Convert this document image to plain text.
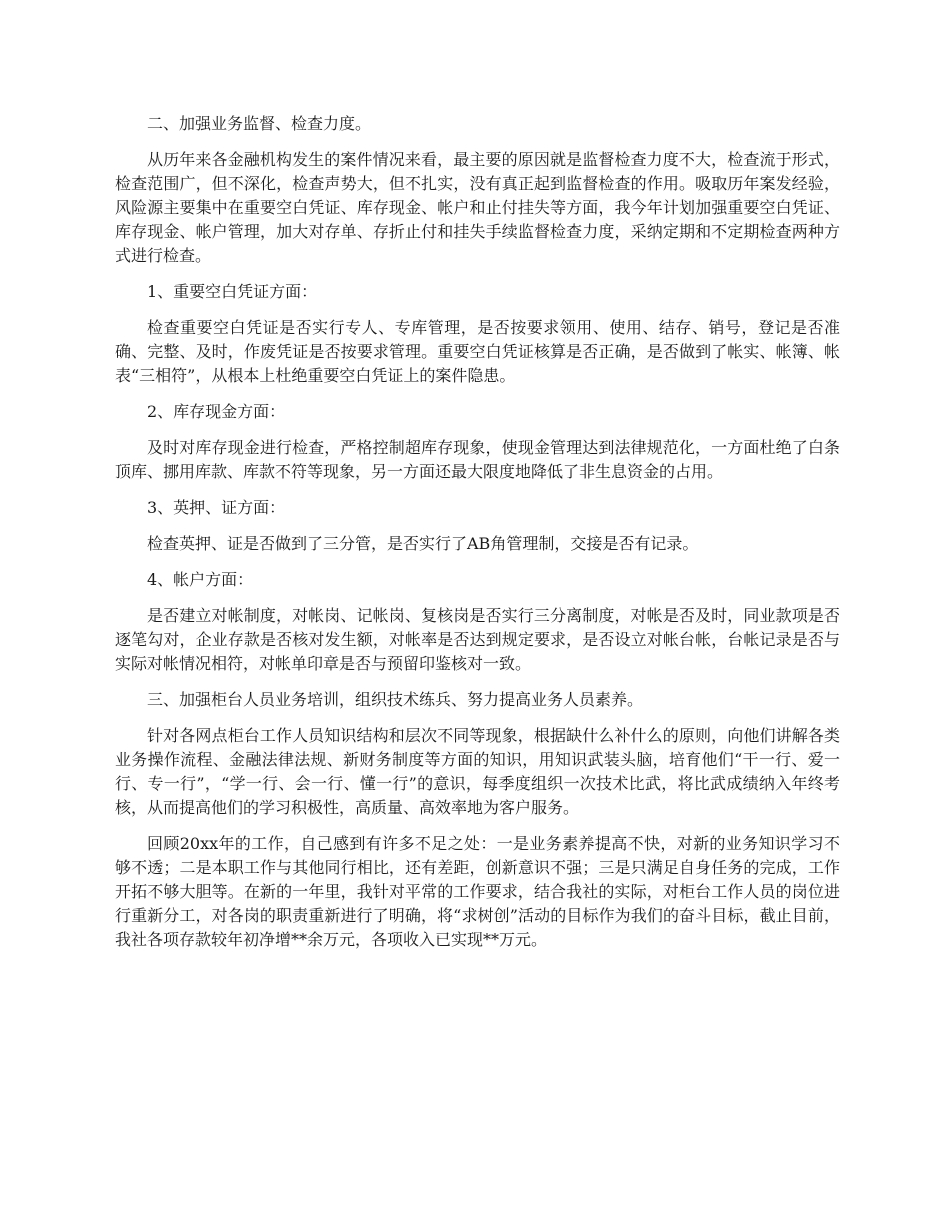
二、加强业务监督、检查力度。

从历年来各金融机构发生的案件情况来看，最主要的原因就是监督检查力度不大，检查流于形式，检查范围广，但不深化，检查声势大，但不扎实，没有真正起到监督检查的作用。吸取历年案发经验，风险源主要集中在重要空白凭证、库存现金、帐户和止付挂失等方面，我今年计划加强重要空白凭证、库存现金、帐户管理，加大对存单、存折止付和挂失手续监督检查力度，采纳定期和不定期检查两种方式进行检查。

1、重要空白凭证方面：

检查重要空白凭证是否实行专人、专库管理，是否按要求领用、使用、结存、销号，登记是否准确、完整、及时，作废凭证是否按要求管理。重要空白凭证核算是否正确，是否做到了帐实、帐簿、帐表“三相符”，从根本上杜绝重要空白凭证上的案件隐患。

2、库存现金方面：

及时对库存现金进行检查，严格控制超库存现象，使现金管理达到法律规范化，一方面杜绝了白条顶库、挪用库款、库款不符等现象，另一方面还最大限度地降低了非生息资金的占用。

3、英押、证方面：

检查英押、证是否做到了三分管，是否实行了AB角管理制，交接是否有记录。

4、帐户方面：

是否建立对帐制度，对帐岗、记帐岗、复核岗是否实行三分离制度，对帐是否及时，同业款项是否逐笔勾对，企业存款是否核对发生额，对帐率是否达到规定要求，是否设立对帐台帐，台帐记录是否与实际对帐情况相符，对帐单印章是否与预留印鉴核对一致。

三、加强柜台人员业务培训，组织技术练兵、努力提高业务人员素养。

针对各网点柜台工作人员知识结构和层次不同等现象，根据缺什么补什么的原则，向他们讲解各类业务操作流程、金融法律法规、新财务制度等方面的知识，用知识武装头脑，培育他们“干一行、爱一行、专一行”，“学一行、会一行、懂一行”的意识，每季度组织一次技术比武，将比武成绩纳入年终考核，从而提高他们的学习积极性，高质量、高效率地为客户服务。

回顾20xx年的工作，自己感到有许多不足之处：一是业务素养提高不快，对新的业务知识学习不够不透；二是本职工作与其他同行相比，还有差距，创新意识不强；三是只满足自身任务的完成，工作开拓不够大胆等。在新的一年里，我针对平常的工作要求，结合我社的实际，对柜台工作人员的岗位进行重新分工，对各岗的职责重新进行了明确，将“求树创”活动的目标作为我们的奋斗目标，截止目前，我社各项存款较年初净增**余万元，各项收入已实现**万元。
